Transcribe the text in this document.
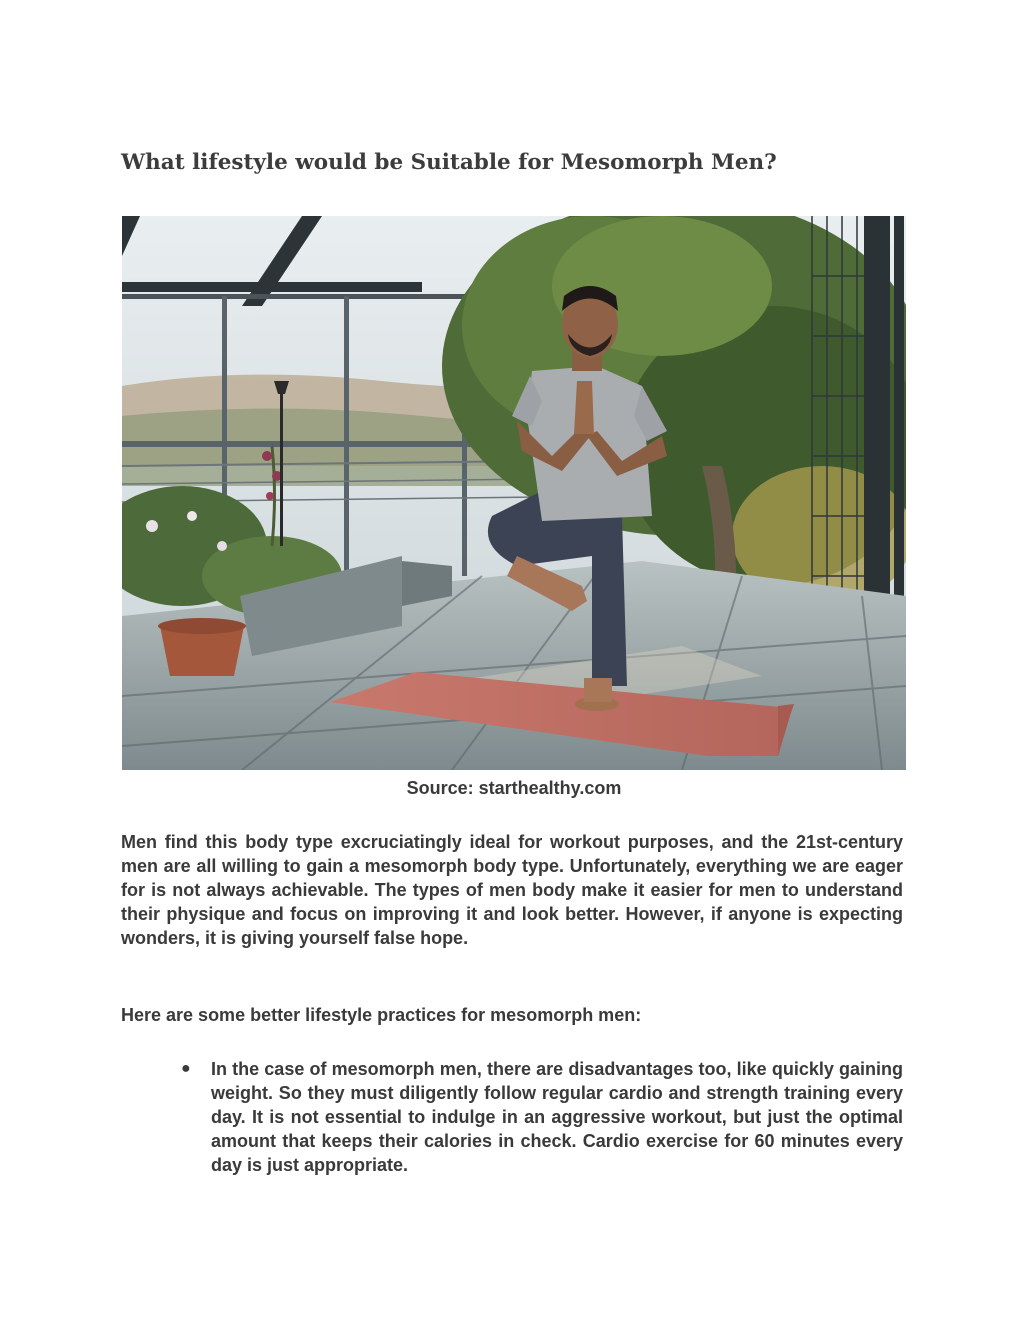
What lifestyle would be Suitable for Mesomorph Men?

Source: starthealthy.com

Men find this body type excruciatingly ideal for workout purposes, and the 21st-century men are all willing to gain a mesomorph body type. Unfortunately, everything we are eager for is not always achievable. The types of men body make it easier for men to understand their physique and focus on improving it and look better. However, if anyone is expecting wonders, it is giving yourself false hope.

Here are some better lifestyle practices for mesomorph men:

● In the case of mesomorph men, there are disadvantages too, like quickly gaining weight. So they must diligently follow regular cardio and strength training every day. It is not essential to indulge in an aggressive workout, but just the optimal amount that keeps their calories in check. Cardio exercise for 60 minutes every day is just appropriate.
